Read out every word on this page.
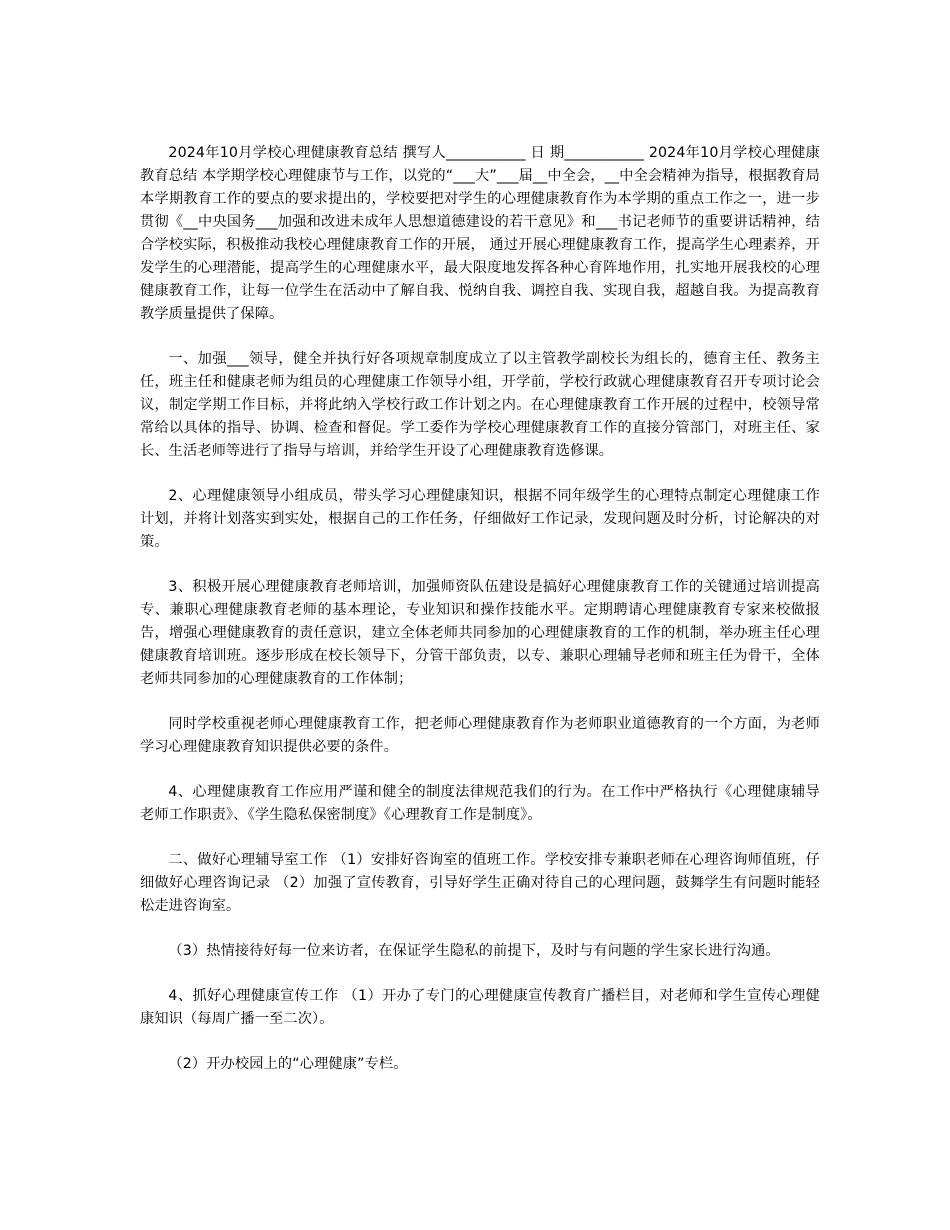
2024年10月学校心理健康教育总结 撰写人___________ 日 期___________ 2024年10月学校心理健康教育总结 本学期学校心理健康节与工作，以党的“___大”___届__中全会，__中全会精神为指导，根据教育局本学期教育工作的要点的要求提出的，学校要把对学生的心理健康教育作为本学期的重点工作之一，进一步贯彻《__中央国务___加强和改进未成年人思想道德建设的若干意见》和___书记老师节的重要讲话精神，结合学校实际，积极推动我校心理健康教育工作的开展， 通过开展心理健康教育工作，提高学生心理素养，开发学生的心理潜能，提高学生的心理健康水平，最大限度地发挥各种心育阵地作用，扎实地开展我校的心理健康教育工作，让每一位学生在活动中了解自我、悦纳自我、调控自我、实现自我，超越自我。为提高教育教学质量提供了保障。

一、加强___领导，健全并执行好各项规章制度成立了以主管教学副校长为组长的，德育主任、教务主任，班主任和健康老师为组员的心理健康工作领导小组，开学前，学校行政就心理健康教育召开专项讨论会议，制定学期工作目标，并将此纳入学校行政工作计划之内。在心理健康教育工作开展的过程中，校领导常常给以具体的指导、协调、检查和督促。学工委作为学校心理健康教育工作的直接分管部门，对班主任、家长、生活老师等进行了指导与培训，并给学生开设了心理健康教育选修课。

2、心理健康领导小组成员，带头学习心理健康知识，根据不同年级学生的心理特点制定心理健康工作计划，并将计划落实到实处，根据自己的工作任务，仔细做好工作记录，发现问题及时分析，讨论解决的对策。

3、积极开展心理健康教育老师培训，加强师资队伍建设是搞好心理健康教育工作的关键通过培训提高专、兼职心理健康教育老师的基本理论，专业知识和操作技能水平。定期聘请心理健康教育专家来校做报告，增强心理健康教育的责任意识，建立全体老师共同参加的心理健康教育的工作的机制，举办班主任心理健康教育培训班。逐步形成在校长领导下，分管干部负责，以专、兼职心理辅导老师和班主任为骨干，全体老师共同参加的心理健康教育的工作体制；

同时学校重视老师心理健康教育工作，把老师心理健康教育作为老师职业道德教育的一个方面，为老师学习心理健康教育知识提供必要的条件。

4、心理健康教育工作应用严谨和健全的制度法律规范我们的行为。在工作中严格执行《心理健康辅导老师工作职责》、《学生隐私保密制度》《心理教育工作是制度》。

二、做好心理辅导室工作 （1）安排好咨询室的值班工作。学校安排专兼职老师在心理咨询师值班，仔细做好心理咨询记录 （2）加强了宣传教育，引导好学生正确对待自己的心理问题，鼓舞学生有问题时能轻松走进咨询室。

（3）热情接待好每一位来访者，在保证学生隐私的前提下，及时与有问题的学生家长进行沟通。

4、抓好心理健康宣传工作 （1）开办了专门的心理健康宣传教育广播栏目，对老师和学生宣传心理健康知识（每周广播一至二次）。

（2）开办校园上的“心理健康”专栏。
